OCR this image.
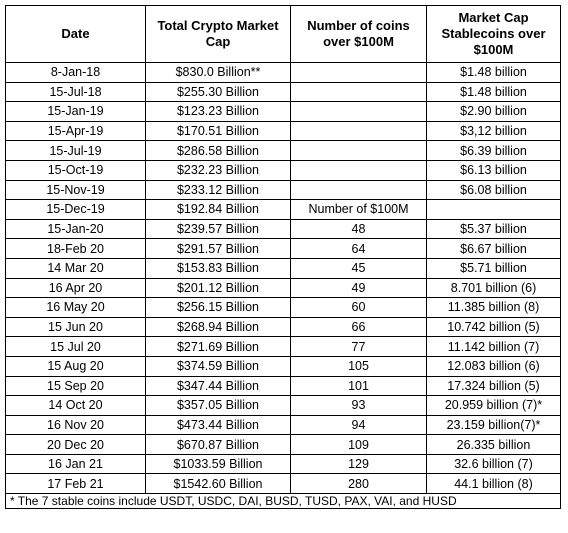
Date	Total Crypto Market Cap	Number of coins over $100M	Market Cap Stablecoins over $100M
8-Jan-18	$830.0 Billion**		$1.48 billion
15-Jul-18	$255.30 Billion		$1.48 billion
15-Jan-19	$123.23 Billion		$2.90 billion
15-Apr-19	$170.51 Billion		$3,12 billion
15-Jul-19	$286.58 Billion		$6.39 billion
15-Oct-19	$232.23 Billion		$6.13 billion
15-Nov-19	$233.12 Billion		$6.08 billion
15-Dec-19	$192.84 Billion	Number of $100M	
15-Jan-20	$239.57 Billion	48	$5.37 billion
18-Feb 20	$291.57 Billion	64	$6.67 billion
14 Mar 20	$153.83 Billion	45	$5.71 billion
16 Apr 20	$201.12 Billion	49	8.701 billion (6)
16 May 20	$256.15 Billion	60	11.385 billion (8)
15 Jun 20	$268.94 Billion	66	10.742 billion (5)
15 Jul 20	$271.69 Billion	77	11.142 billion (7)
15 Aug 20	$374.59 Billion	105	12.083 billion (6)
15 Sep 20	$347.44 Billion	101	17.324 billion (5)
14 Oct 20	$357.05 Billion	93	20.959 billion (7)*
16 Nov 20	$473.44 Billion	94	23.159 billion(7)*
20 Dec 20	$670.87 Billion	109	26.335 billion
16 Jan 21	$1033.59 Billion	129	32.6 billion (7)
17 Feb 21	$1542.60 Billion	280	44.1 billion (8)
* The 7 stable coins include USDT, USDC, DAI, BUSD, TUSD, PAX, VAI, and HUSD			
